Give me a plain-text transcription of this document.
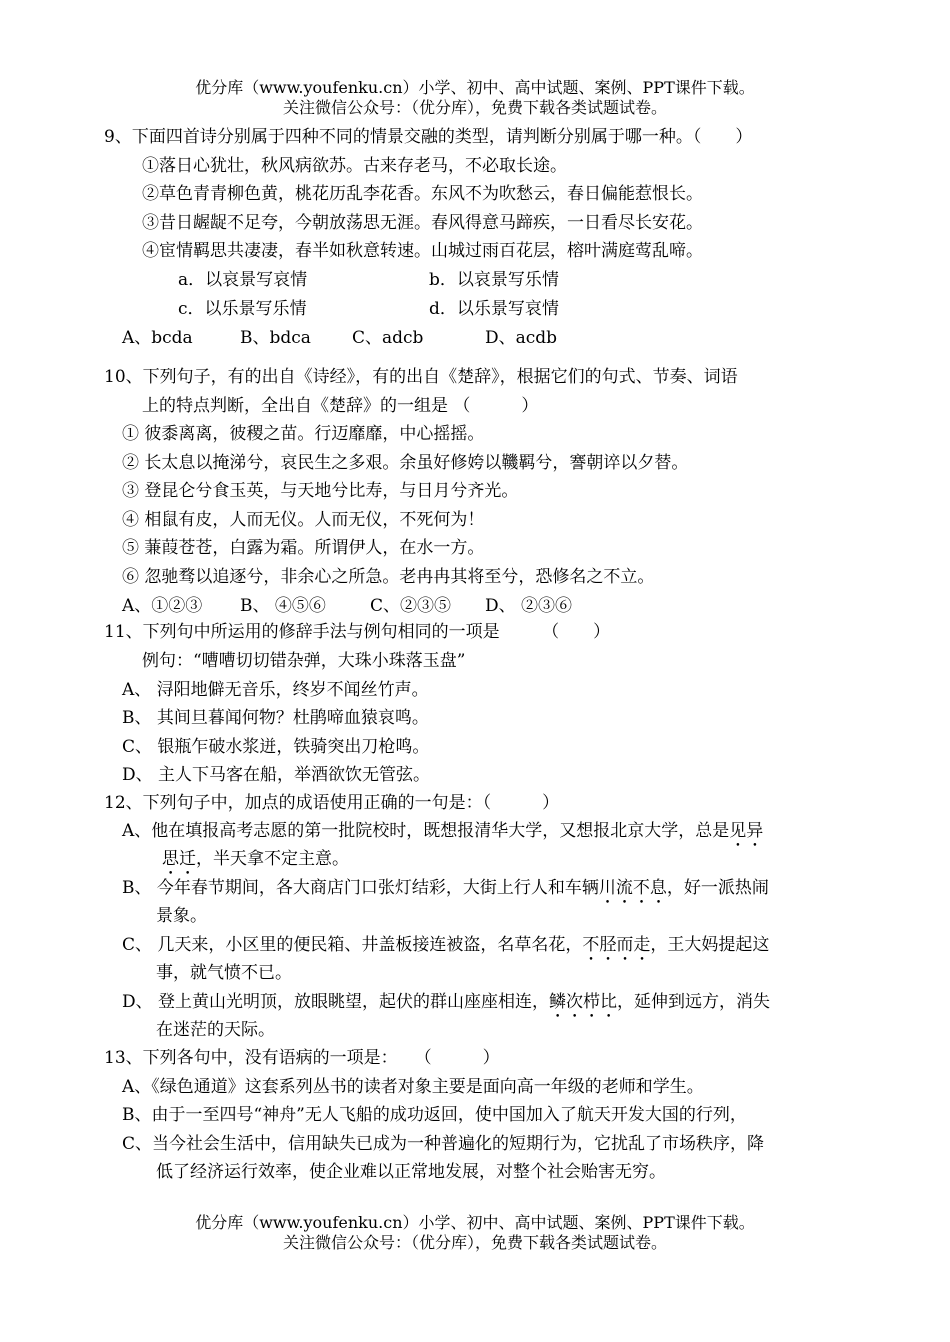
优分库（www.youfenku.cn）小学、初中、高中试题、案例、PPT课件下载。
关注微信公众号：（优分库），免费下载各类试题试卷。
9、下面四首诗分别属于四种不同的情景交融的类型，请判断分别属于哪一种。（　　）
①落日心犹壮，秋风病欲苏。古来存老马，不必取长途。
②草色青青柳色黄，桃花历乱李花香。东风不为吹愁云，春日偏能惹恨长。
③昔日龌龊不足夸，今朝放荡思无涯。春风得意马蹄疾，一日看尽长安花。
④宦情羁思共凄凄，春半如秋意转速。山城过雨百花层，榕叶满庭莺乱啼。
a．以哀景写哀情	b．以哀景写乐情
c．以乐景写乐情	d．以乐景写哀情
A、bcda	B、bdca C、adcb	D、acdb
10、下列句子，有的出自《诗经》，有的出自《楚辞》，根据它们的句式、节奏、词语
上的特点判断，全出自《楚辞》的一组是 （　　　）
① 彼黍离离，彼稷之苗。行迈靡靡，中心摇摇。
② 长太息以掩涕兮，哀民生之多艰。余虽好修姱以鞿羁兮，謇朝谇以夕替。
③ 登昆仑兮食玉英，与天地兮比寿，与日月兮齐光。
④ 相鼠有皮，人而无仪。人而无仪，不死何为！
⑤ 蒹葭苍苍，白露为霜。所谓伊人，在水一方。
⑥ 忽驰骛以追逐兮，非余心之所急。老冉冉其将至兮，恐修名之不立。
A、①②③ B、 ④⑤⑥	C、②③⑤ D、 ②③⑥
11、下列句中所运用的修辞手法与例句相同的一项是　　　（　　）
例句：“嘈嘈切切错杂弹，大珠小珠落玉盘”
A、 浔阳地僻无音乐，终岁不闻丝竹声。
B、 其间旦暮闻何物？杜鹃啼血猿哀鸣。
C、 银瓶乍破水浆迸，铁骑突出刀枪鸣。
D、 主人下马客在船，举酒欲饮无管弦。
12、下列句子中，加点的成语使用正确的一句是：（　　　）
A、他在填报高考志愿的第一批院校时，既想报清华大学，又想报北京大学，总是见异
思迁，半天拿不定主意。
B、 今年春节期间，各大商店门口张灯结彩，大街上行人和车辆川流不息，好一派热闹
景象。
C、 几天来，小区里的便民箱、井盖板接连被盗，名草名花，不胫而走，王大妈提起这
事，就气愤不已。
D、 登上黄山光明顶，放眼眺望，起伏的群山座座相连，鳞次栉比，延伸到远方，消失
在迷茫的天际。
13、下列各句中，没有语病的一项是：　　（　　　）
A、《绿色通道》这套系列丛书的读者对象主要是面向高一年级的老师和学生。
B、由于一至四号“神舟”无人飞船的成功返回，使中国加入了航天开发大国的行列，
C、当今社会生活中，信用缺失已成为一种普遍化的短期行为，它扰乱了市场秩序，降
低了经济运行效率，使企业难以正常地发展，对整个社会贻害无穷。
优分库（www.youfenku.cn）小学、初中、高中试题、案例、PPT课件下载。
关注微信公众号：（优分库），免费下载各类试题试卷。
